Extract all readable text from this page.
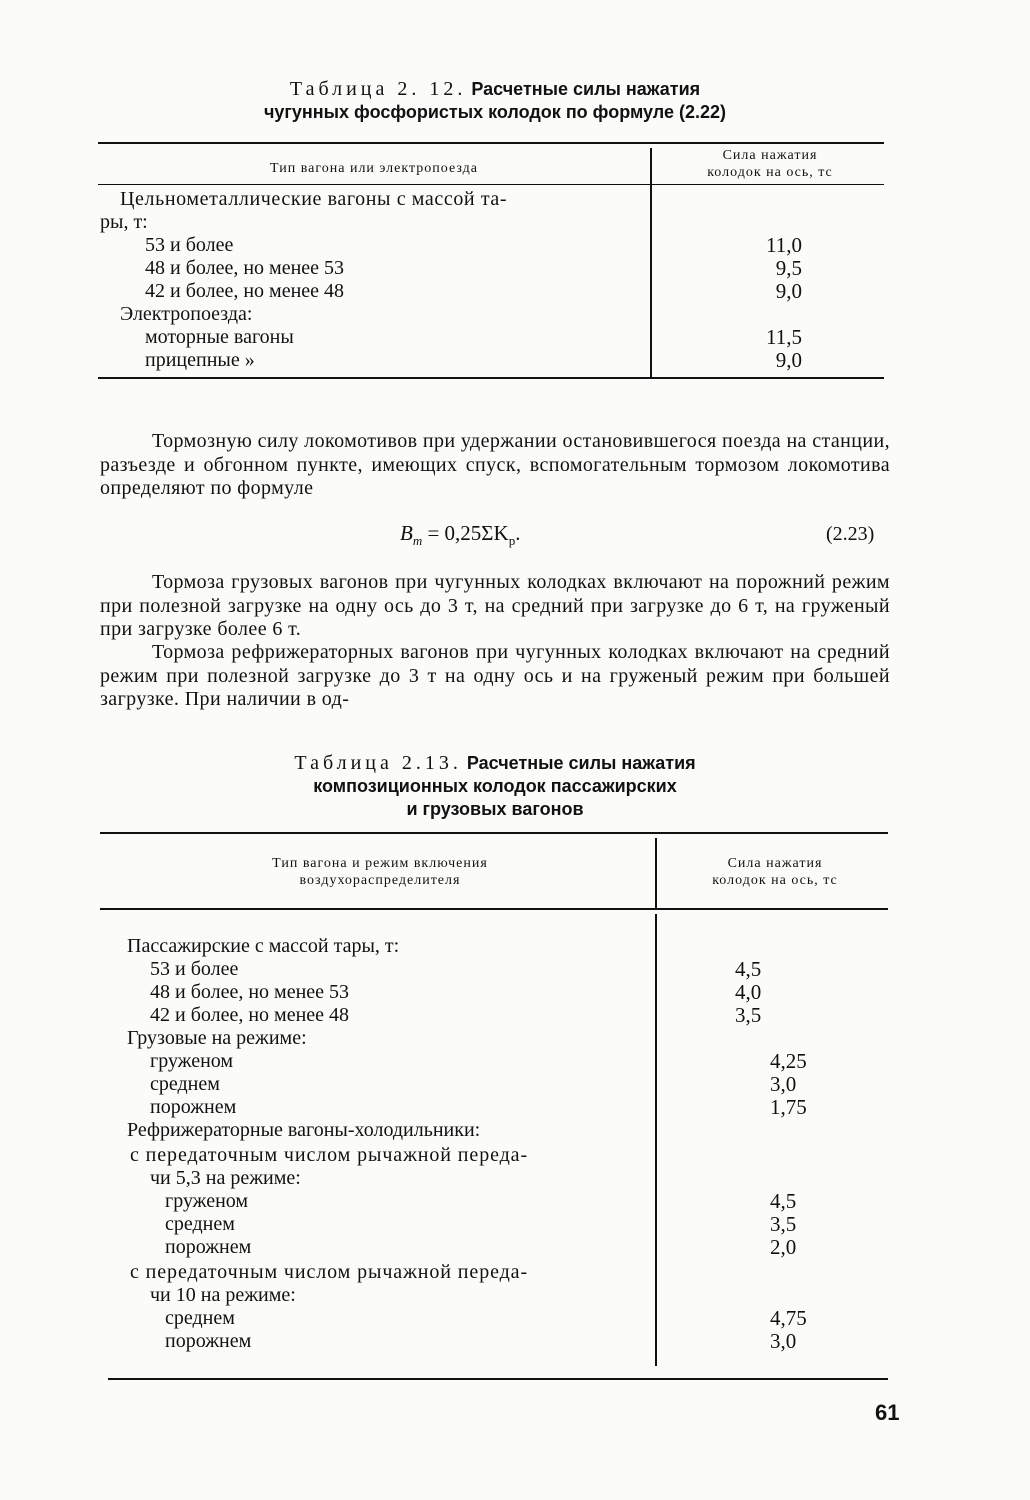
Таблица 2. 12. Расчетные силы нажатия
чугунных фосфористых колодок по формуле (2.22)
Тип вагона или электропоезда
Сила нажатия
колодок на ось, тс
Цельнометаллические вагоны с массой та-
ры, т:
53 и более	11,0
48 и более, но менее 53	9,5
42 и более, но менее 48	9,0
Электропоезда:
моторные вагоны	11,5
прицепные »	9,0
Тормозную силу локомотивов при удержании остановившегося поезда на станции, разъезде и обгонном пункте, имеющих спуск, вспомогательным тормозом локомотива определяют по формуле
$B_т = 0,25\Sigma K_р$.	(2.23)
Тормоза грузовых вагонов при чугунных колодках включают на порожний режим при полезной загрузке на одну ось до 3 т, на средний при загрузке до 6 т, на груженый при загрузке более 6 т.
Тормоза рефрижераторных вагонов при чугунных колодках включают на средний режим при полезной загрузке до 3 т на одну ось и на груженый режим при большей загрузке. При наличии в од-
Таблица 2.13. Расчетные силы нажатия
композиционных колодок пассажирских
и грузовых вагонов
Тип вагона и режим включения
воздухораспределителя
Сила нажатия
колодок на ось, тс
Пассажирские с массой тары, т:
53 и более	4,5
48 и более, но менее 53	4,0
42 и более, но менее 48	3,5
Грузовые на режиме:
груженом	4,25
среднем	3,0
порожнем	1,75
Рефрижераторные вагоны-холодильники:
с передаточным числом рычажной переда-
чи 5,3 на режиме:
груженом	4,5
среднем	3,5
порожнем	2,0
с передаточным числом рычажной переда-
чи 10 на режиме:
среднем	4,75
порожнем	3,0
61
